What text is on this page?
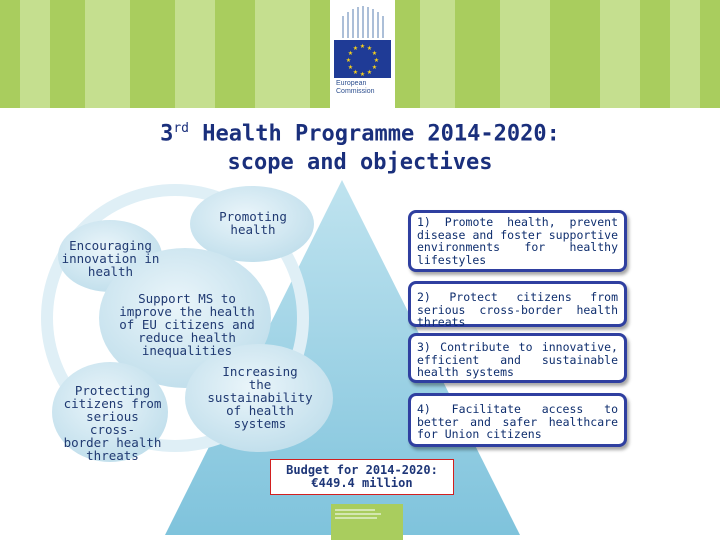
★ ★
★
★
★
★
★
★
★
★
★
★
European
Commission
3rd Health Programme 2014-2020:
scope and objectives
Promoting
health
Encouraging
innovation in
health
Support MS to
improve the health
of EU citizens and
reduce health
inequalities
Protecting
citizens from
serious cross-
border health
threats
Increasing
the
sustainability
of health
systems
1) Promote health, prevent disease and foster supportive environments for healthy lifestyles
2) Protect citizens from serious cross-border health threats
3) Contribute to innovative, efficient and sustainable health systems
4) Facilitate access to better and safer healthcare for Union citizens
Budget for 2014-2020:
€449.4 million
